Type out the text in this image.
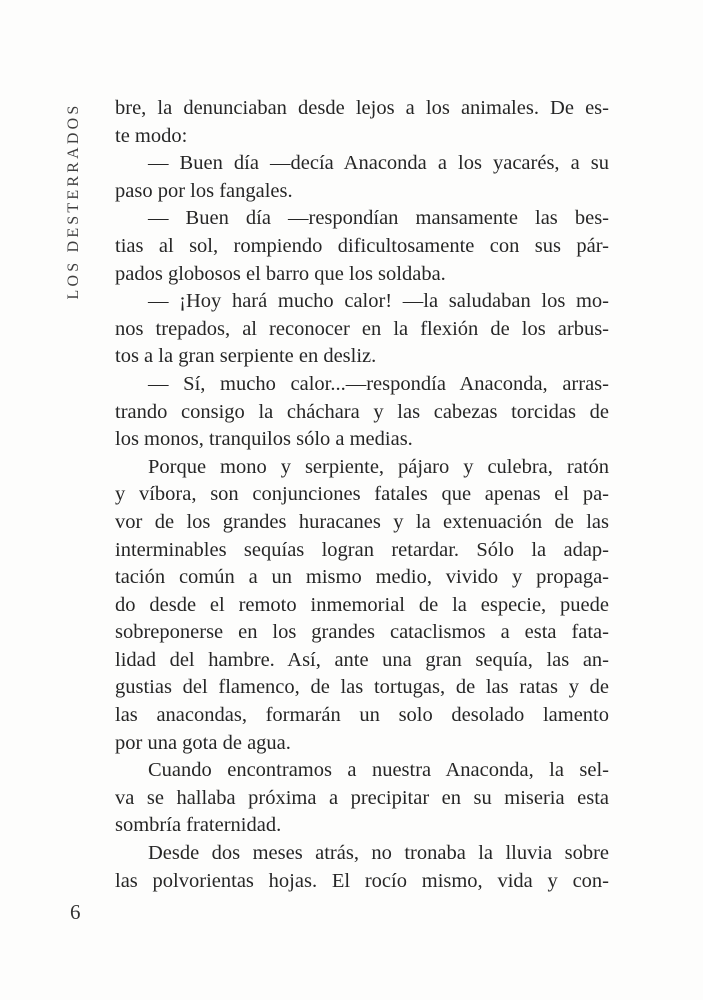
LOS DESTERRADOS bre, la denunciaban desde lejos a los animales. De es-
te modo:
— Buen día —decía Anaconda a los yacarés, a su
paso por los fangales.
— Buen día —respondían mansamente las bes-
tias al sol, rompiendo dificultosamente con sus pár-
pados globosos el barro que los soldaba.
— ¡Hoy hará mucho calor! —la saludaban los mo-
nos trepados, al reconocer en la flexión de los arbus-
tos a la gran serpiente en desliz.
— Sí, mucho calor...—respondía Anaconda, arras-
trando consigo la cháchara y las cabezas torcidas de
los monos, tranquilos sólo a medias.
Porque mono y serpiente, pájaro y culebra, ratón
y víbora, son conjunciones fatales que apenas el pa-
vor de los grandes huracanes y la extenuación de las
interminables sequías logran retardar. Sólo la adap-
tación común a un mismo medio, vivido y propaga-
do desde el remoto inmemorial de la especie, puede
sobreponerse en los grandes cataclismos a esta fata-
lidad del hambre. Así, ante una gran sequía, las an-
gustias del flamenco, de las tortugas, de las ratas y de
las anacondas, formarán un solo desolado lamento
por una gota de agua.
Cuando encontramos a nuestra Anaconda, la sel-
va se hallaba próxima a precipitar en su miseria esta
sombría fraternidad.
Desde dos meses atrás, no tronaba la lluvia sobre
las polvorientas hojas. El rocío mismo, vida y con-
6
